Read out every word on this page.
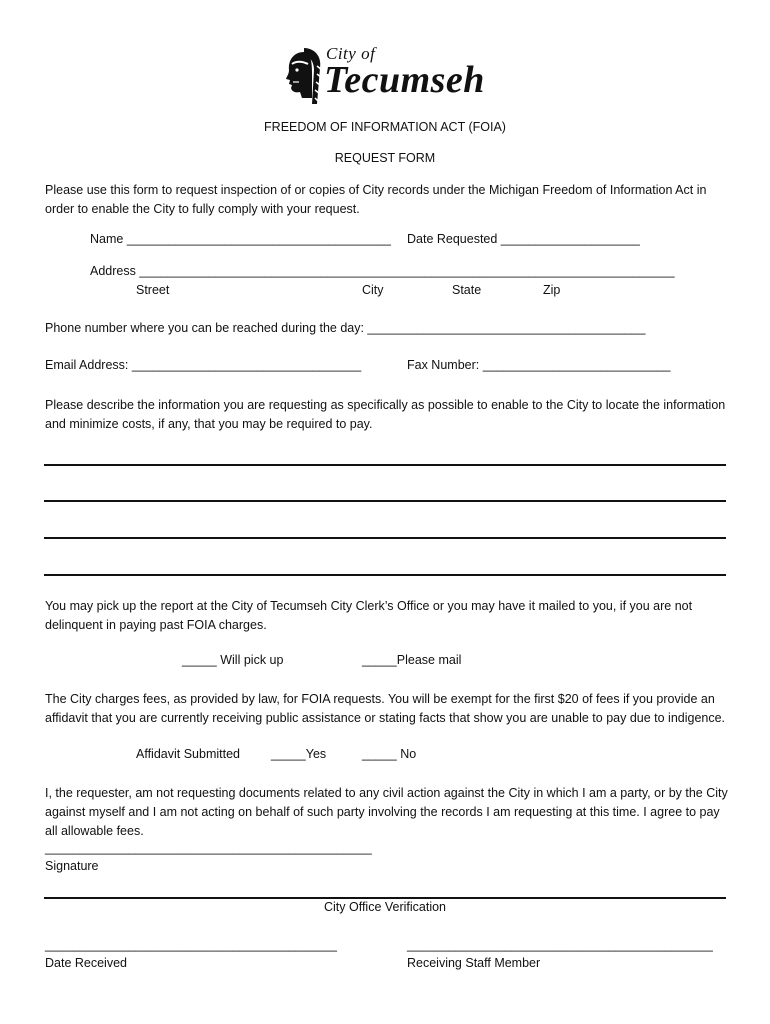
City of
Tecumseh
FREEDOM OF INFORMATION ACT (FOIA)
REQUEST FORM
Please use this form to request inspection of or copies of City records under the Michigan Freedom of Information Act in order to enable the City to fully comply with your request.
Name ______________________________________ Date Requested ____________________
Address _____________________________________________________________________________
Street	City	State	Zip
Phone number where you can be reached during the day: ________________________________________
Email Address: _________________________________	Fax Number: ___________________________
Please describe the information you are requesting as specifically as possible to enable to the City to locate the information and minimize costs, if any, that you may be required to pay.
You may pick up the report at the City of Tecumseh City Clerk’s Office or you may have it mailed to you, if you are not delinquent in paying past FOIA charges.
_____ Will pick up	_____Please mail
The City charges fees, as provided by law, for FOIA requests. You will be exempt for the first $20 of fees if you provide an affidavit that you are currently receiving public assistance or stating facts that show you are unable to pay due to indigence.
Affidavit Submitted _____Yes	_____ No
I, the requester, am not requesting documents related to any civil action against the City in which I am a party, or by the City against myself and I am not acting on behalf of such party involving the records I am requesting at this time. I agree to pay all allowable fees.
_______________________________________________
Signature
City Office Verification
__________________________________________
Date Received
____________________________________________
Receiving Staff Member
